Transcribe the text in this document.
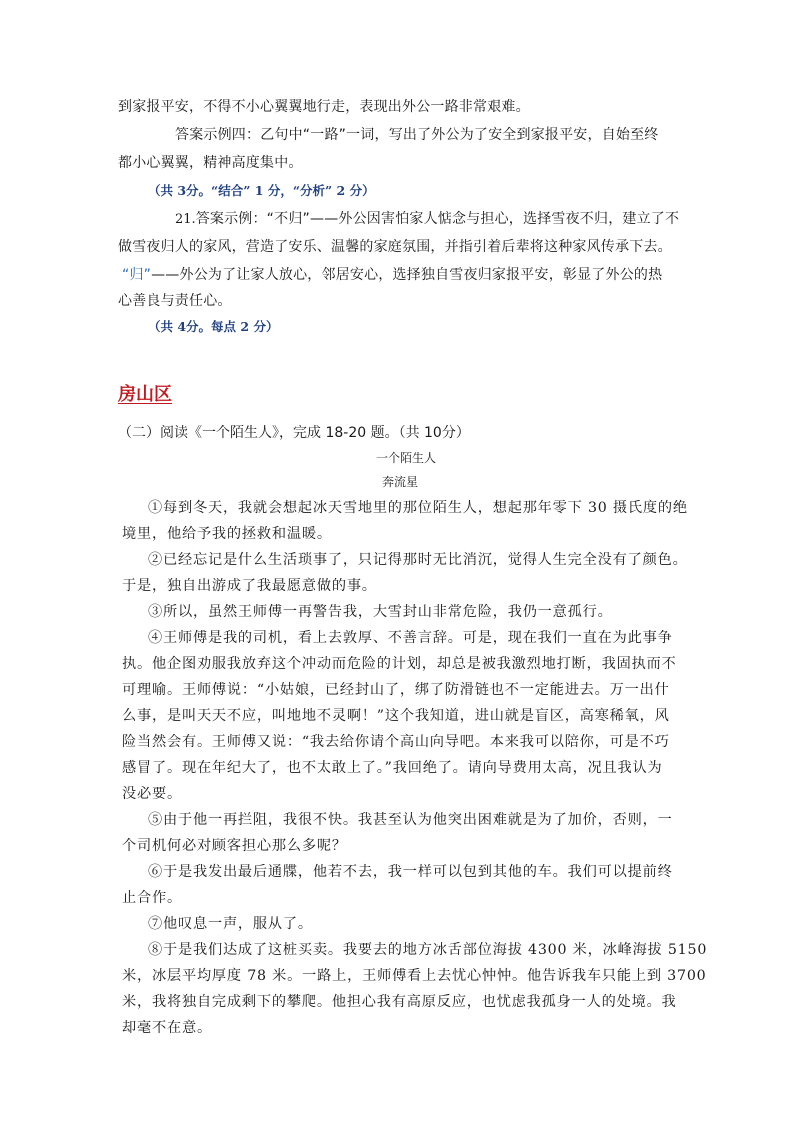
到家报平安，不得不小心翼翼地行走，表现出外公一路非常艰难。
答案示例四：乙句中“一路”一词，写出了外公为了安全到家报平安，自始至终
都小心翼翼，精神高度集中。
（共 3分。“结合” 1 分，“分析” 2 分）
21.答案示例：“不归”——外公因害怕家人惦念与担心，选择雪夜不归，建立了不
做雪夜归人的家风，营造了安乐、温馨的家庭氛围，并指引着后辈将这种家风传承下去。
“归”——外公为了让家人放心，邻居安心，选择独自雪夜归家报平安，彰显了外公的热
心善良与责任心。
（共 4分。每点 2 分）
房山区
（二）阅读《一个陌生人》，完成 18-20 题。（共 10分）
一个陌生人
奔流星
①每到冬天，我就会想起冰天雪地里的那位陌生人，想起那年零下 30 摄氏度的绝
境里，他给予我的拯救和温暖。
②已经忘记是什么生活琐事了，只记得那时无比消沉，觉得人生完全没有了颜色。
于是，独自出游成了我最愿意做的事。
③所以，虽然王师傅一再警告我，大雪封山非常危险，我仍一意孤行。
④王师傅是我的司机，看上去敦厚、不善言辞。可是，现在我们一直在为此事争
执。他企图劝服我放弃这个冲动而危险的计划，却总是被我激烈地打断，我固执而不
可理喻。王师傅说：“小姑娘，已经封山了，绑了防滑链也不一定能进去。万一出什
么事，是叫天天不应，叫地地不灵啊！”这个我知道，进山就是盲区，高寒稀氧，风
险当然会有。王师傅又说：“我去给你请个高山向导吧。本来我可以陪你，可是不巧
感冒了。现在年纪大了，也不太敢上了。”我回绝了。请向导费用太高，况且我认为
没必要。
⑤由于他一再拦阻，我很不快。我甚至认为他突出困难就是为了加价，否则，一
个司机何必对顾客担心那么多呢？
⑥于是我发出最后通牒，他若不去，我一样可以包到其他的车。我们可以提前终
止合作。
⑦他叹息一声，服从了。
⑧于是我们达成了这桩买卖。我要去的地方冰舌部位海拔 4300 米，冰峰海拔 5150
米，冰层平均厚度 78 米。一路上，王师傅看上去忧心忡忡。他告诉我车只能上到 3700
米，我将独自完成剩下的攀爬。他担心我有高原反应，也忧虑我孤身一人的处境。我
却毫不在意。
